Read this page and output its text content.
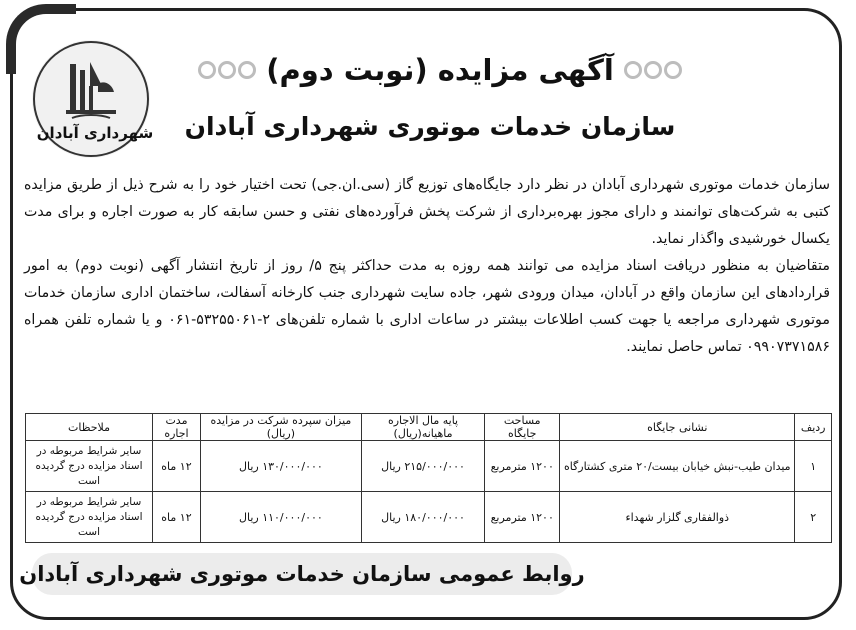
شهرداری آبادان
آگهی مزایده (نوبت دوم)
سازمان خدمات موتوری شهرداری آبادان

سازمان خدمات موتوری شهرداری آبادان در نظر دارد جایگاه‌های توزیع گاز (سی.ان.جی) تحت اختیار خود را به شرح ذیل از طریق مزایده کتبی به شرکت‌های توانمند و دارای مجوز بهره‌برداری از شرکت پخش فرآورده‌های نفتی و حسن سابقه کار به صورت اجاره و برای مدت یکسال خورشیدی واگذار نماید.

متقاضیان به منظور دریافت اسناد مزایده می توانند همه روزه به مدت حداکثر پنج ۵/ روز از تاریخ انتشار آگهی (نوبت دوم) به امور قراردادهای این سازمان واقع در آبادان، میدان ورودی شهر، جاده سایت شهرداری جنب کارخانه آسفالت، ساختمان اداری سازمان خدمات موتوری شهرداری مراجعه یا جهت کسب اطلاعات بیشتر در ساعات اداری با شماره تلفن‌های ۲-۵۳۲۵۵۰۶۱-۰۶۱ و یا شماره تلفن همراه ۰۹۹۰۷۳۷۱۵۸۶ تماس حاصل نمایند.

ردیف	نشانی جایگاه	مساحت جایگاه	پایه مال الاجاره ماهیانه(ریال)	میزان سپرده شرکت در مزایده (ریال)	مدت اجاره	ملاحظات
۱	میدان طیب-نبش خیابان بیست/۲۰ متری کشتارگاه	۱۲۰۰ مترمربع	۲۱۵/۰۰۰/۰۰۰ ریال	۱۳۰/۰۰۰/۰۰۰ ریال	۱۲ ماه	سایر شرایط مربوطه در اسناد مزایده درج گردیده است
۲	ذوالفقاری گلزار شهداء	۱۲۰۰ مترمربع	۱۸۰/۰۰۰/۰۰۰ ریال	۱۱۰/۰۰۰/۰۰۰ ریال	۱۲ ماه	سایر شرایط مربوطه در اسناد مزایده درج گردیده است
روابط عمومی سازمان خدمات موتوری شهرداری آبادان
